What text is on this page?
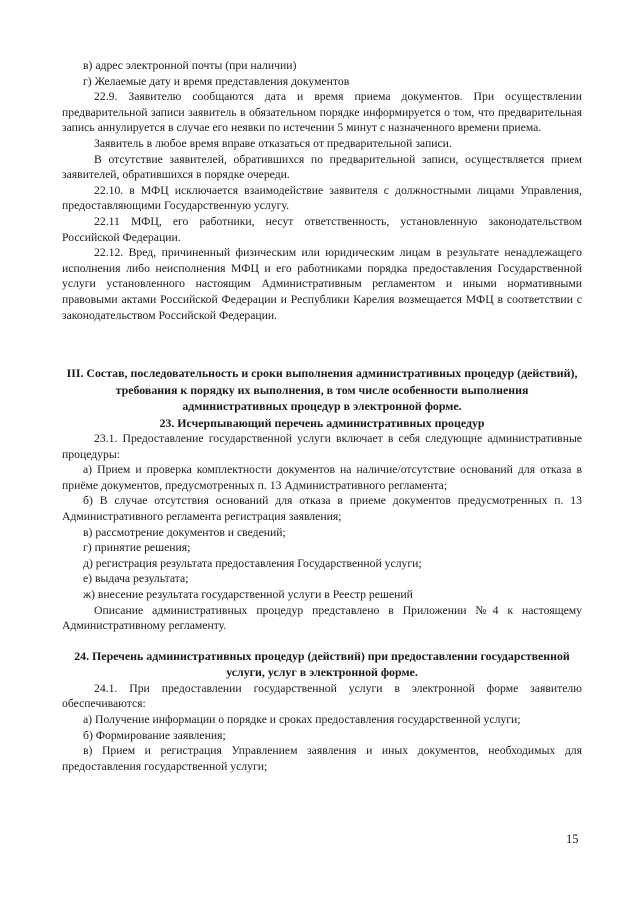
в) адрес электронной почты (при наличии)

г) Желаемые дату и время представления документов

22.9. Заявителю сообщаются дата и время приема документов. При осуществлении предварительной записи заявитель в обязательном порядке информируется о том, что предварительная запись аннулируется в случае его неявки по истечении 5 минут с назначенного времени приема.

Заявитель в любое время вправе отказаться от предварительной записи.

В отсутствие заявителей, обратившихся по предварительной записи, осуществляется прием заявителей, обратившихся в порядке очереди.

22.10. в МФЦ исключается взаимодействие заявителя с должностными лицами Управления, предоставляющими Государственную услугу.

22.11 МФЦ, его работники, несут ответственность, установленную законодательством Российской Федерации.

22.12. Вред, причиненный физическим или юридическим лицам в результате ненадлежащего исполнения либо неисполнения МФЦ и его работниками порядка предоставления Государственной услуги установленного настоящим Административным регламентом и иными нормативными правовыми актами Российской Федерации и Республики Карелия возмещается МФЦ в соответствии с законодательством Российской Федерации.

III. Состав, последовательность и сроки выполнения административных процедур (действий), требования к порядку их выполнения, в том числе особенности выполнения административных процедур в электронной форме.

23. Исчерпывающий перечень административных процедур

23.1. Предоставление государственной услуги включает в себя следующие административные процедуры:

а) Прием и проверка комплектности документов на наличие/отсутствие оснований для отказа в приёме документов, предусмотренных п. 13 Административного регламента;

б) В случае отсутствия оснований для отказа в приеме документов предусмотренных п. 13 Административного регламента регистрация заявления;

в) рассмотрение документов и сведений;

г) принятие решения;

д) регистрация результата предоставления Государственной услуги;

е) выдача результата;

ж) внесение результата государственной услуги в Реестр решений

Описание административных процедур представлено в Приложении №4 к настоящему Административному регламенту.

24. Перечень административных процедур (действий) при предоставлении государственной услуги, услуг в электронной форме.

24.1. При предоставлении государственной услуги в электронной форме заявителю обеспечиваются:

а) Получение информации о порядке и сроках предоставления государственной услуги;

б) Формирование заявления;

в) Прием и регистрация Управлением заявления и иных документов, необходимых для предоставления государственной услуги;

15
